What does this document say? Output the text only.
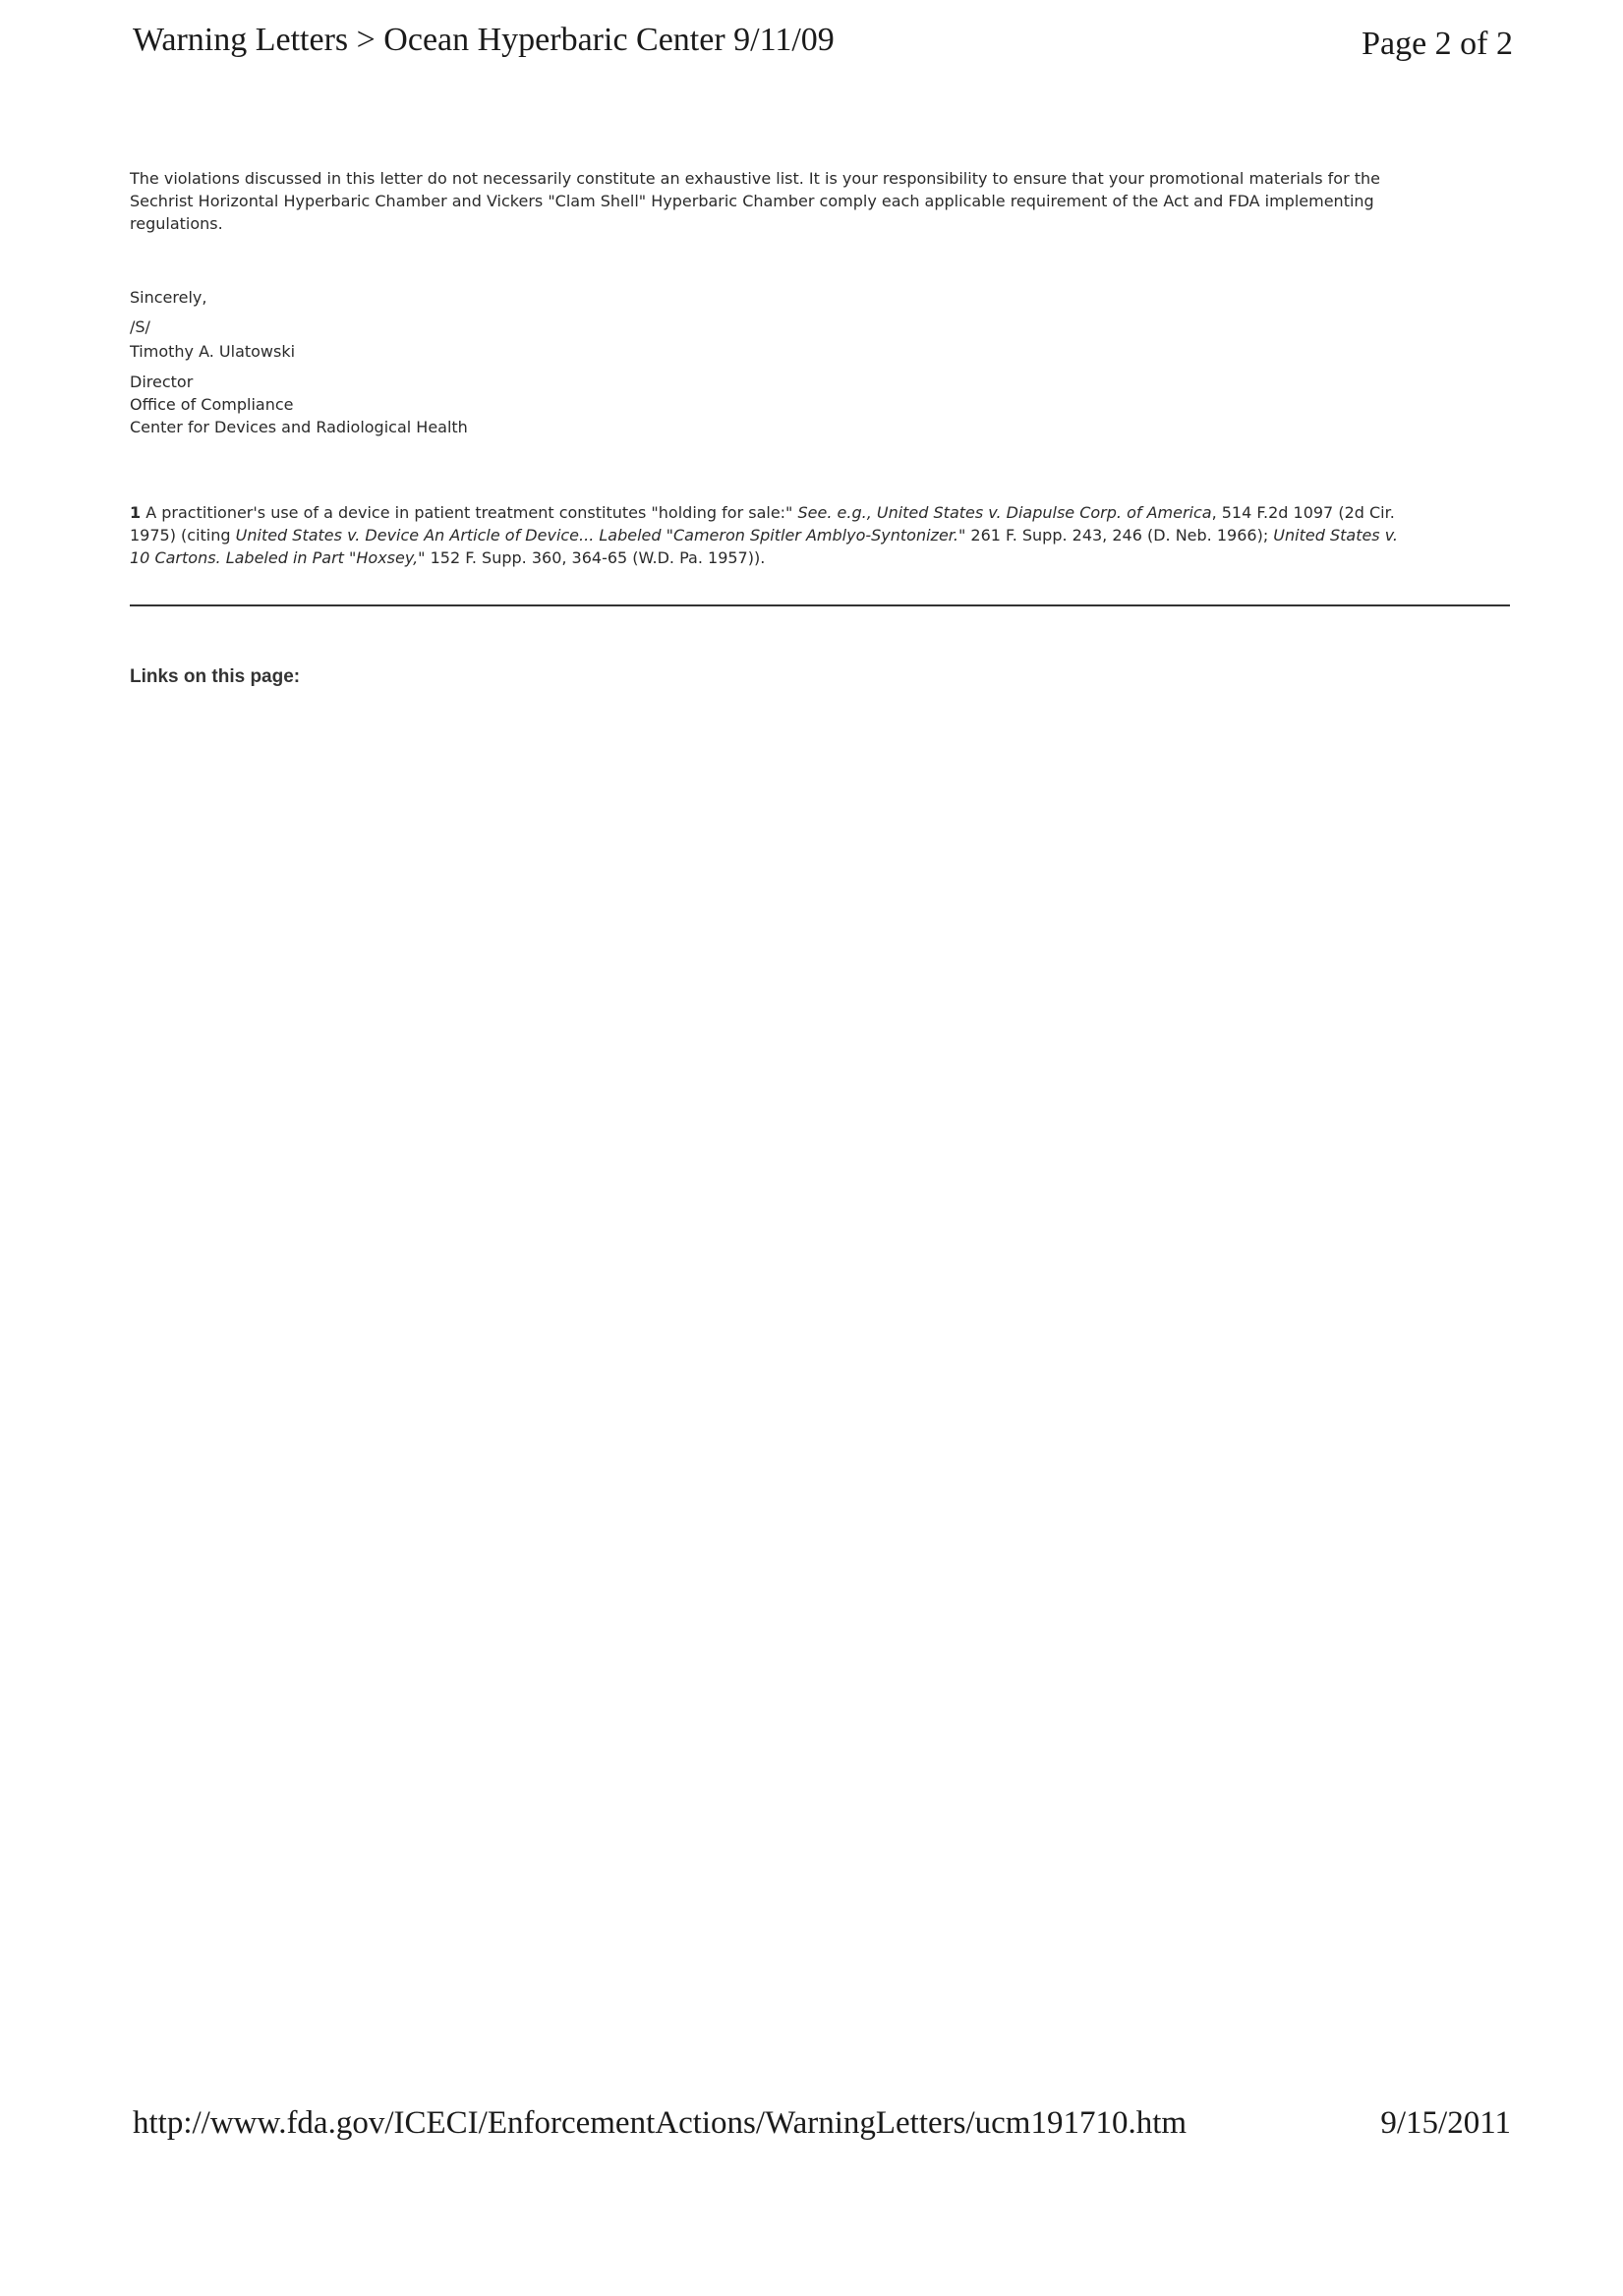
Warning Letters > Ocean Hyperbaric Center 9/11/09	Page 2 of 2
The violations discussed in this letter do not necessarily constitute an exhaustive list. It is your responsibility to ensure that your promotional materials for the
Sechrist Horizontal Hyperbaric Chamber and Vickers "Clam Shell" Hyperbaric Chamber comply each applicable requirement of the Act and FDA implementing
regulations.
Sincerely,
/S/
Timothy A. Ulatowski
Director
Office of Compliance
Center for Devices and Radiological Health
1 A practitioner's use of a device in patient treatment constitutes "holding for sale:" See. e.g., United States v. Diapulse Corp. of America, 514 F.2d 1097 (2d Cir.
1975) (citing United States v. Device An Article of Device... Labeled "Cameron Spitler Amblyo-Syntonizer." 261 F. Supp. 243, 246 (D. Neb. 1966); United States v.
10 Cartons. Labeled in Part "Hoxsey," 152 F. Supp. 360, 364-65 (W.D. Pa. 1957)).
Links on this page:
http://www.fda.gov/ICECI/EnforcementActions/WarningLetters/ucm191710.htm	9/15/2011
